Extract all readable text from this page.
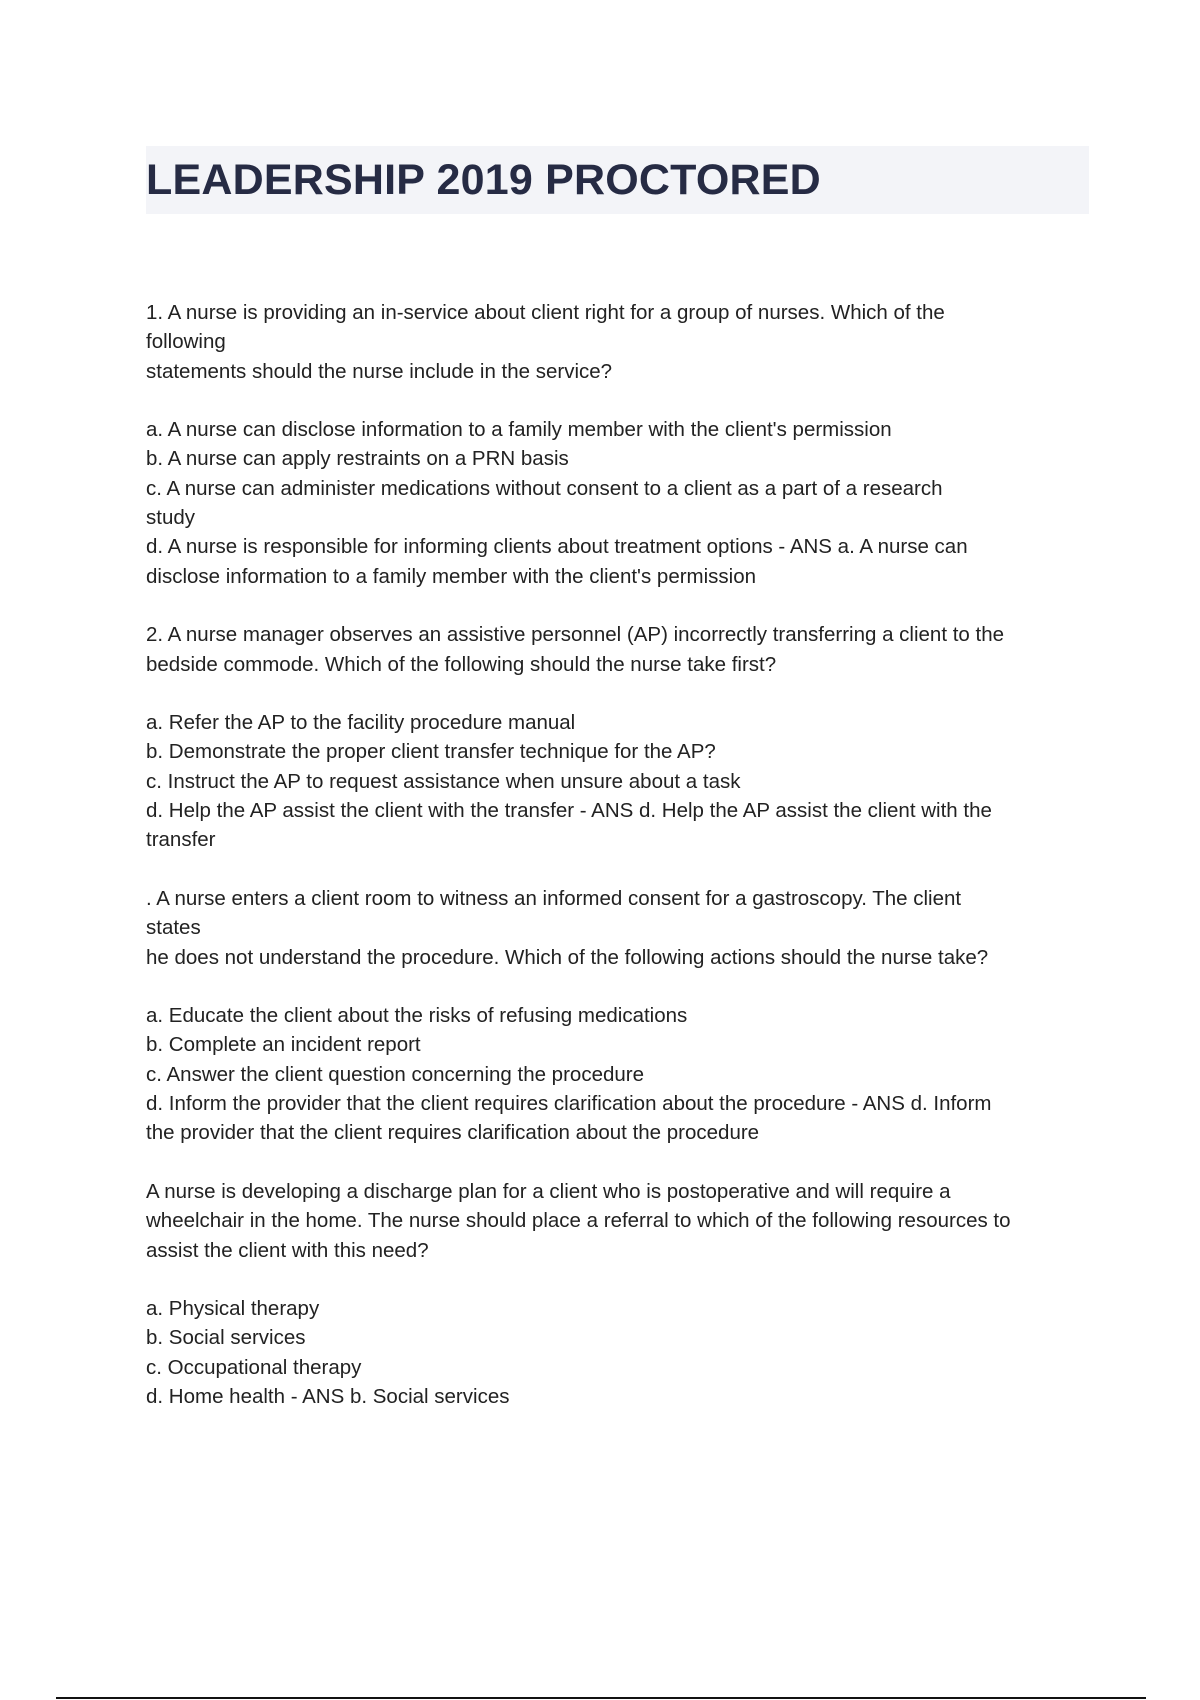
LEADERSHIP 2019 PROCTORED
1. A nurse is providing an in-service about client right for a group of nurses. Which of the
following
statements should the nurse include in the service?
a. A nurse can disclose information to a family member with the client's permission
b. A nurse can apply restraints on a PRN basis
c. A nurse can administer medications without consent to a client as a part of a research
study
d. A nurse is responsible for informing clients about treatment options - ANS a. A nurse can
disclose information to a family member with the client's permission
2. A nurse manager observes an assistive personnel (AP) incorrectly transferring a client to the
bedside commode. Which of the following should the nurse take first?
a. Refer the AP to the facility procedure manual
b. Demonstrate the proper client transfer technique for the AP?
c. Instruct the AP to request assistance when unsure about a task
d. Help the AP assist the client with the transfer - ANS d. Help the AP assist the client with the
transfer
. A nurse enters a client room to witness an informed consent for a gastroscopy. The client
states
he does not understand the procedure. Which of the following actions should the nurse take?
a. Educate the client about the risks of refusing medications
b. Complete an incident report
c. Answer the client question concerning the procedure
d. Inform the provider that the client requires clarification about the procedure - ANS d. Inform
the provider that the client requires clarification about the procedure
A nurse is developing a discharge plan for a client who is postoperative and will require a
wheelchair in the home. The nurse should place a referral to which of the following resources to
assist the client with this need?
a. Physical therapy
b. Social services
c. Occupational therapy
d. Home health - ANS b. Social services
